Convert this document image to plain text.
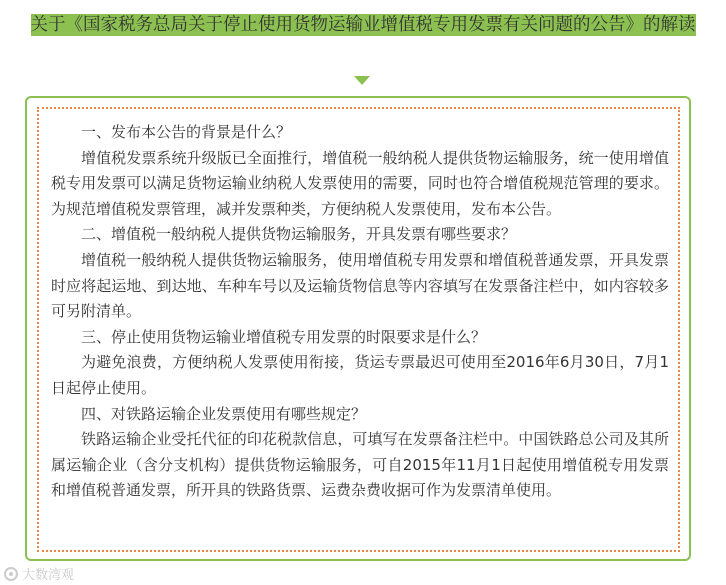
关于《国家税务总局关于停止使用货物运输业增值税专用发票有关问题的公告》的解读

一、发布本公告的背景是什么？

增值税发票系统升级版已全面推行，增值税一般纳税人提供货物运输服务，统一使用增值税专用发票可以满足货物运输业纳税人发票使用的需要，同时也符合增值税规范管理的要求。为规范增值税发票管理，减并发票种类，方便纳税人发票使用，发布本公告。

二、增值税一般纳税人提供货物运输服务，开具发票有哪些要求？

增值税一般纳税人提供货物运输服务，使用增值税专用发票和增值税普通发票，开具发票时应将起运地、到达地、车种车号以及运输货物信息等内容填写在发票备注栏中，如内容较多可另附清单。

三、停止使用货物运输业增值税专用发票的时限要求是什么？

为避免浪费，方便纳税人发票使用衔接，货运专票最迟可使用至2016年6月30日，7月1日起停止使用。

四、对铁路运输企业发票使用有哪些规定？

铁路运输企业受托代征的印花税款信息，可填写在发票备注栏中。中国铁路总公司及其所属运输企业（含分支机构）提供货物运输服务，可自2015年11月1日起使用增值税专用发票和增值税普通发票，所开具的铁路货票、运费杂费收据可作为发票清单使用。

大数湾观
